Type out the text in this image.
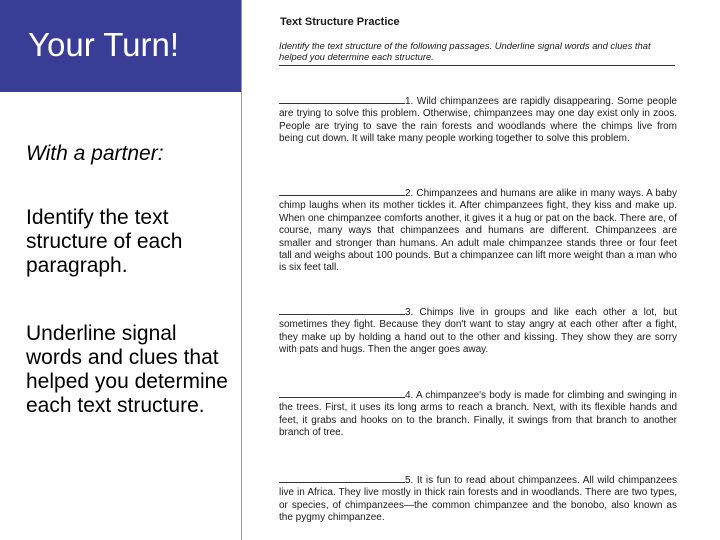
Your Turn!

With a partner:

Identify the text structure of each paragraph.

Underline signal words and clues that helped you determine each text structure.

Text Structure Practice
Identify the text structure of the following passages. Underline signal words and clues that helped you determine each structure.
1. Wild chimpanzees are rapidly disappearing. Some people are trying to solve this problem. Otherwise, chimpanzees may one day exist only in zoos. People are trying to save the rain forests and woodlands where the chimps live from being cut down. It will take many people working together to solve this problem.
2. Chimpanzees and humans are alike in many ways. A baby chimp laughs when its mother tickles it. After chimpanzees fight, they kiss and make up. When one chimpanzee comforts another, it gives it a hug or pat on the back. There are, of course, many ways that chimpanzees and humans are different. Chimpanzees are smaller and stronger than humans. An adult male chimpanzee stands three or four feet tall and weighs about 100 pounds. But a chimpanzee can lift more weight than a man who is six feet tall.
3. Chimps live in groups and like each other a lot, but sometimes they fight. Because they don't want to stay angry at each other after a fight, they make up by holding a hand out to the other and kissing. They show they are sorry with pats and hugs. Then the anger goes away.
4. A chimpanzee's body is made for climbing and swinging in the trees. First, it uses its long arms to reach a branch. Next, with its flexible hands and feet, it grabs and hooks on to the branch. Finally, it swings from that branch to another branch of tree.
5. It is fun to read about chimpanzees. All wild chimpanzees live in Africa. They live mostly in thick rain forests and in woodlands. There are two types, or species, of chimpanzees—the common chimpanzee and the bonobo, also known as the pygmy chimpanzee.
